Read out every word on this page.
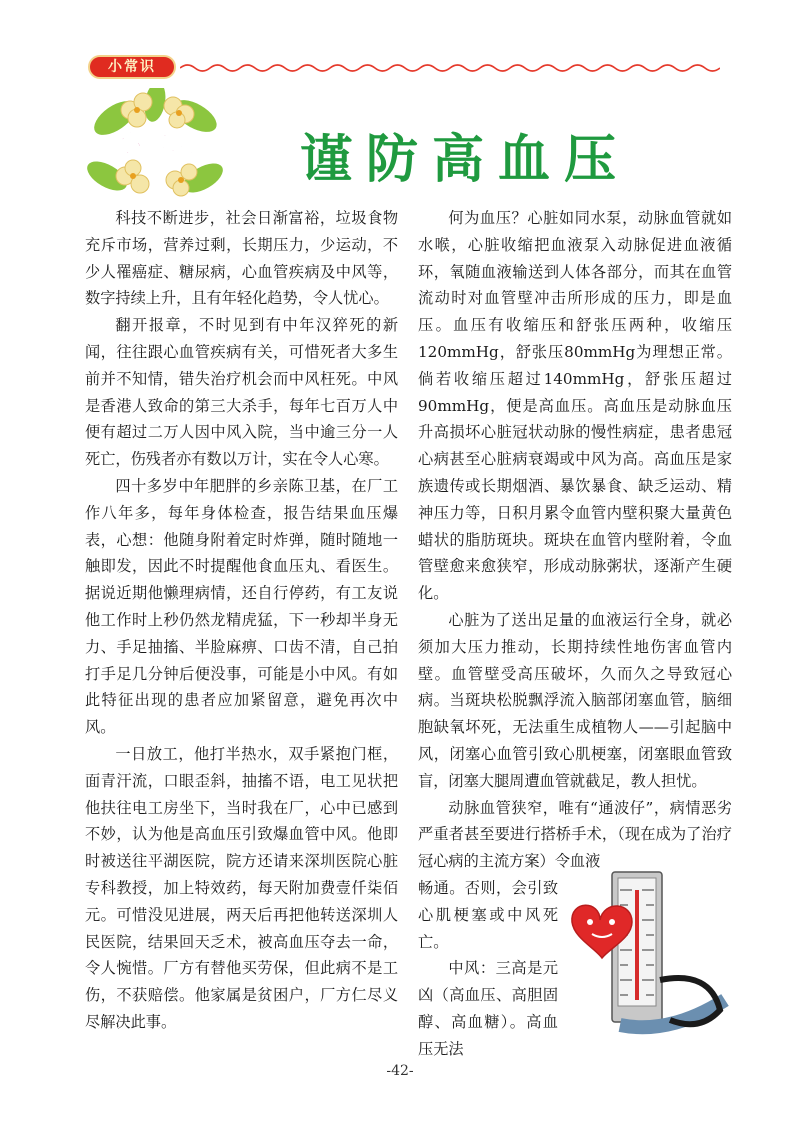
小常识
小常识 谨防高血压

科技不断进步，社会日渐富裕，垃圾食物充斥市场，营养过剩，长期压力，少运动，不少人罹癌症、糖尿病，心血管疾病及中风等，数字持续上升，且有年轻化趋势，令人忧心。

翻开报章，不时见到有中年汉猝死的新闻，往往跟心血管疾病有关，可惜死者大多生前并不知情，错失治疗机会而中风枉死。中风是香港人致命的第三大杀手，每年七百万人中便有超过二万人因中风入院，当中逾三分一人死亡，伤残者亦有数以万计，实在令人心寒。

四十多岁中年肥胖的乡亲陈卫基，在厂工作八年多，每年身体检查，报告结果血压爆表，心想：他随身附着定时炸弹，随时随地一触即发，因此不时提醒他食血压丸、看医生。据说近期他懒理病情，还自行停药，有工友说他工作时上秒仍然龙精虎猛，下一秒却半身无力、手足抽搐、半脸麻痹、口齿不清，自己拍打手足几分钟后便没事，可能是小中风。有如此特征出现的患者应加紧留意，避免再次中风。

一日放工，他打半热水，双手紧抱门框，面青汗流，口眼歪斜，抽搐不语，电工见状把他扶往电工房坐下，当时我在厂，心中已感到不妙，认为他是高血压引致爆血管中风。他即时被送往平湖医院，院方还请来深圳医院心脏专科教授，加上特效药，每天附加费壹仟柒佰元。可惜没见进展，两天后再把他转送深圳人民医院，结果回天乏术，被高血压夺去一命，令人惋惜。厂方有替他买劳保，但此病不是工伤，不获赔偿。他家属是贫困户，厂方仁尽义尽解决此事。

何为血压？心脏如同水泵，动脉血管就如水喉，心脏收缩把血液泵入动脉促进血液循环，氧随血液输送到人体各部分，而其在血管流动时对血管壁冲击所形成的压力，即是血压。血压有收缩压和舒张压两种，收缩压120mmHg，舒张压80mmHg为理想正常。倘若收缩压超过140mmHg，舒张压超过90mmHg，便是高血压。高血压是动脉血压升高损坏心脏冠状动脉的慢性病症，患者患冠心病甚至心脏病衰竭或中风为高。高血压是家族遗传或长期烟酒、暴饮暴食、缺乏运动、精神压力等，日积月累令血管内壁积聚大量黄色蜡状的脂肪斑块。斑块在血管内壁附着，令血管壁愈来愈狭窄，形成动脉粥状，逐渐产生硬化。

心脏为了送出足量的血液运行全身，就必须加大压力推动，长期持续性地伤害血管内壁。血管壁受高压破坏，久而久之导致冠心病。当斑块松脱飘浮流入脑部闭塞血管，脑细胞缺氧坏死，无法重生成植物人——引起脑中风，闭塞心血管引致心肌梗塞，闭塞眼血管致盲，闭塞大腿周遭血管就截足，教人担忧。

动脉血管狭窄，唯有“通波仔”，病情恶劣严重者甚至要进行搭桥手术，（现在成为了治疗冠心病的主流方案）令血液

畅通。否则，会引致心肌梗塞或中风死亡。

中风：三高是元凶（高血压、高胆固醇、高血糖）。高血压无法

-42-
